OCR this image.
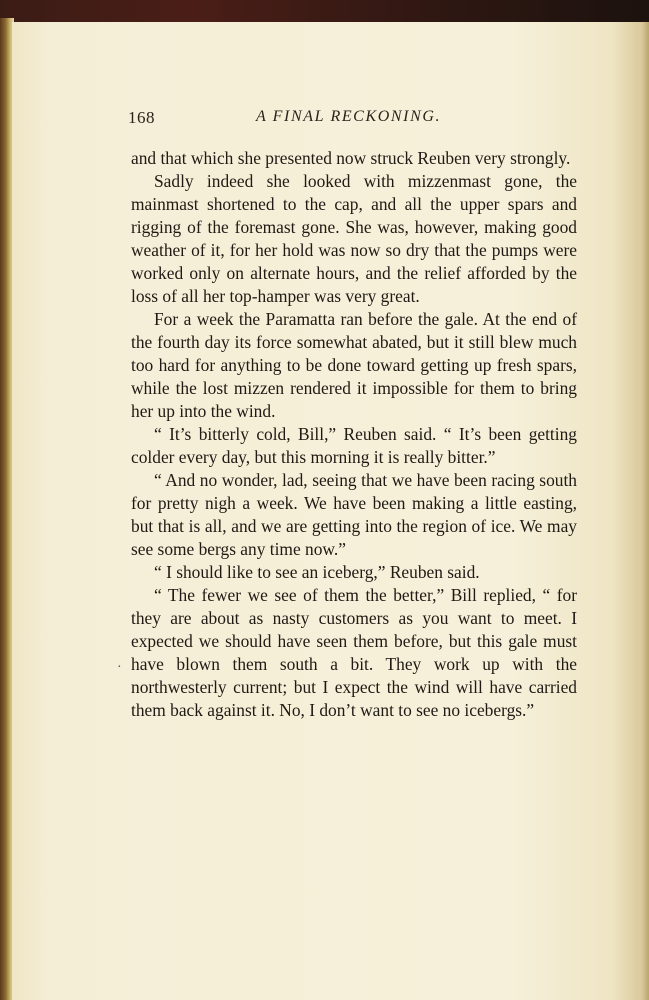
168	A FINAL RECKONING.
·

and that which she presented now struck Reuben very strongly.

Sadly indeed she looked with mizzenmast gone, the mainmast shortened to the cap, and all the upper spars and rigging of the foremast gone. She was, however, making good weather of it, for her hold was now so dry that the pumps were worked only on alternate hours, and the relief afforded by the loss of all her top-hamper was very great.

For a week the Paramatta ran before the gale. At the end of the fourth day its force somewhat abated, but it still blew much too hard for anything to be done toward getting up fresh spars, while the lost mizzen rendered it impossible for them to bring her up into the wind.

“ It’s bitterly cold, Bill,” Reuben said. “ It’s been getting colder every day, but this morning it is really bitter.”

“ And no wonder, lad, seeing that we have been racing south for pretty nigh a week. We have been making a little easting, but that is all, and we are getting into the region of ice. We may see some bergs any time now.”

“ I should like to see an iceberg,” Reuben said.

“ The fewer we see of them the better,” Bill replied, “ for they are about as nasty customers as you want to meet. I expected we should have seen them before, but this gale must have blown them south a bit. They work up with the northwesterly current; but I expect the wind will have carried them back against it. No, I don’t want to see no icebergs.”
